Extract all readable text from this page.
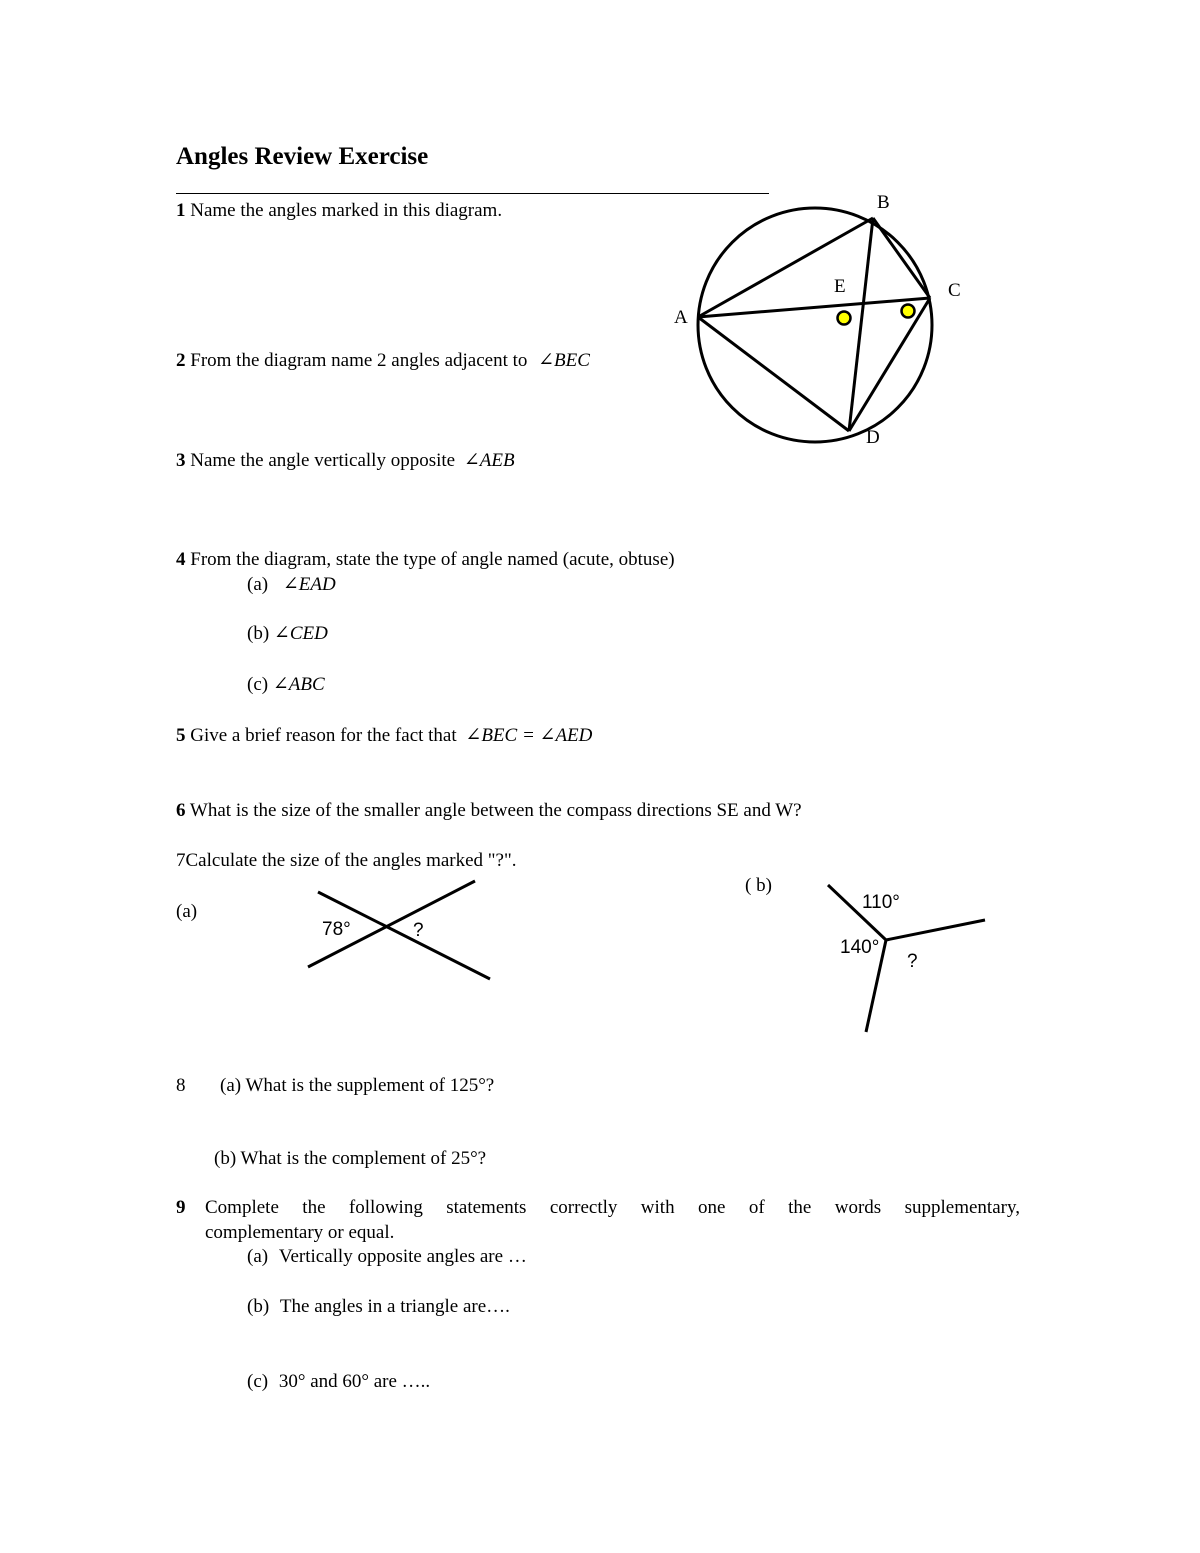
Angles Review Exercise
1 Name the angles marked in this diagram.
A
B
C
D
E
2 From the diagram name 2 angles adjacent to ∠BEC
3 Name the angle vertically opposite ∠AEB
4 From the diagram, state the type of angle named (acute, obtuse)
(a) ∠EAD
(b) ∠CED
(c) ∠ABC
5 Give a brief reason for the fact that ∠BEC = ∠AED
6 What is the size of the smaller angle between the compass directions SE and W?
7Calculate the size of the angles marked "?".
(a)
( b)
78°	?
110°
140°
?
8 (a) What is the supplement of 125°?
(b) What is the complement of 25°?
9 Complete the following statements correctly with one of the words supplementary,
complementary or equal.
(a) Vertically opposite angles are …
(b) The angles in a triangle are….
(c) 30° and 60° are …..
